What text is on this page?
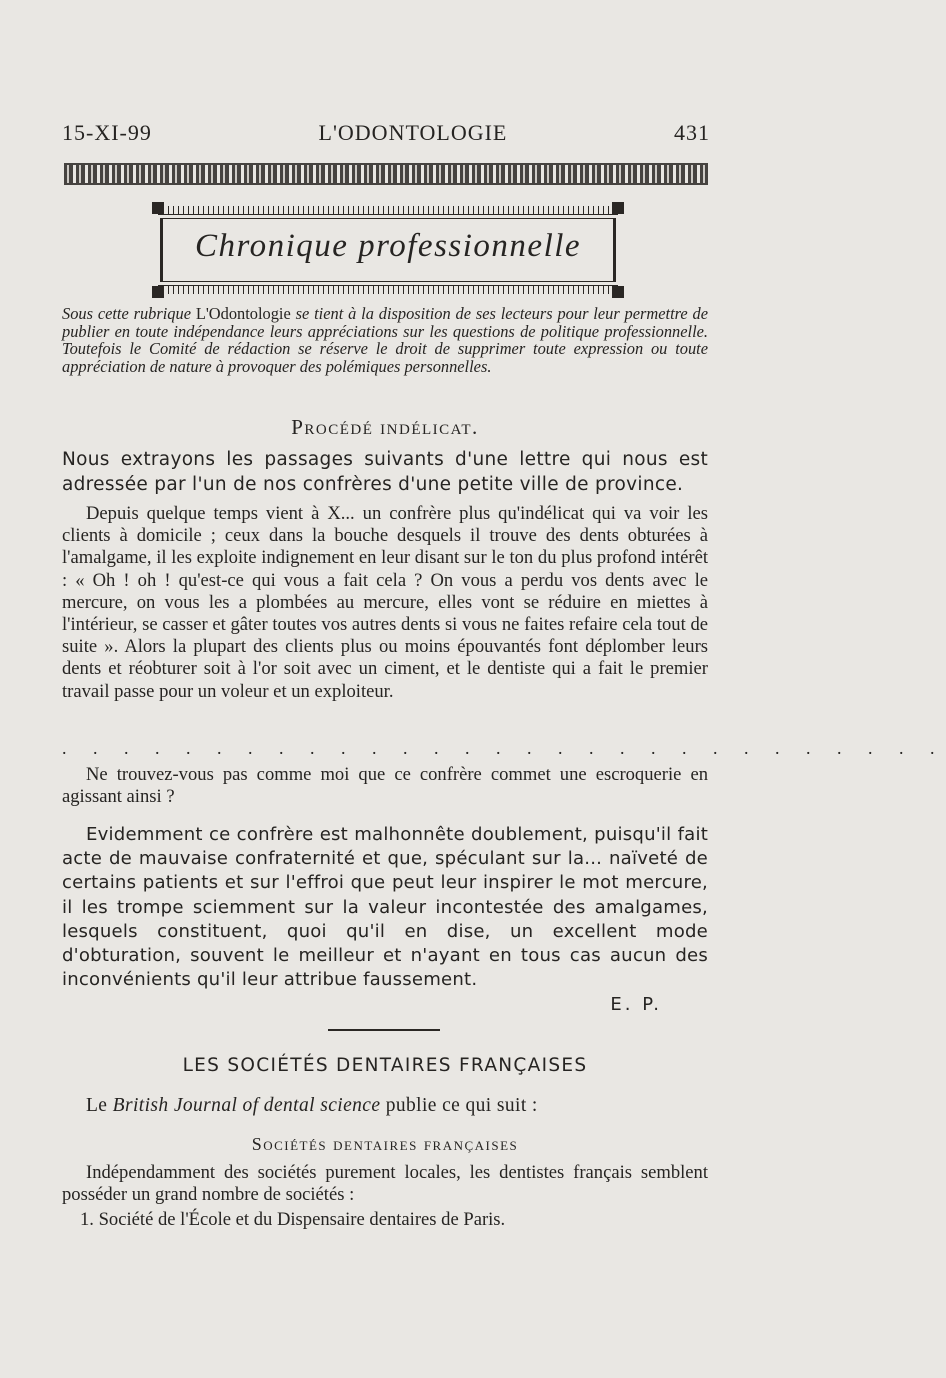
15-XI-99	L'ODONTOLOGIE	431
Chronique professionnelle

Sous cette rubrique L'Odontologie se tient à la disposition de ses lecteurs pour leur permettre de publier en toute indépendance leurs appréciations sur les questions de politique professionnelle. Toutefois le Comité de rédaction se réserve le droit de supprimer toute expression ou toute appréciation de nature à provoquer des polémiques personnelles.

Procédé indélicat.

Nous extrayons les passages suivants d'une lettre qui nous est adressée par l'un de nos confrères d'une petite ville de province.

Depuis quelque temps vient à X... un confrère plus qu'indélicat qui va voir les clients à domicile ; ceux dans la bouche desquels il trouve des dents obturées à l'amalgame, il les exploite indignement en leur disant sur le ton du plus profond intérêt : « Oh ! oh ! qu'est-ce qui vous a fait cela ? On vous a perdu vos dents avec le mercure, on vous les a plombées au mercure, elles vont se réduire en miettes à l'intérieur, se casser et gâter toutes vos autres dents si vous ne faites refaire cela tout de suite ». Alors la plupart des clients plus ou moins épouvantés font déplomber leurs dents et réobturer soit à l'or soit avec un ciment, et le dentiste qui a fait le premier travail passe pour un voleur et un exploiteur.

. . . . . . . . . . . . . . . . . . . . . . . . . . . . .

Ne trouvez-vous pas comme moi que ce confrère commet une escroquerie en agissant ainsi ?

Evidemment ce confrère est malhonnête doublement, puisqu'il fait acte de mauvaise confraternité et que, spéculant sur la... naïveté de certains patients et sur l'effroi que peut leur inspirer le mot mercure, il les trompe sciemment sur la valeur incontestée des amalgames, lesquels constituent, quoi qu'il en dise, un excellent mode d'obturation, souvent le meilleur et n'ayant en tous cas aucun des inconvénients qu'il leur attribue faussement.

E. P.
LES SOCIÉTÉS DENTAIRES FRANÇAISES

Le British Journal of dental science publie ce qui suit :

Sociétés dentaires françaises

Indépendamment des sociétés purement locales, les dentistes français semblent posséder un grand nombre de sociétés :

1. Société de l'École et du Dispensaire dentaires de Paris.
